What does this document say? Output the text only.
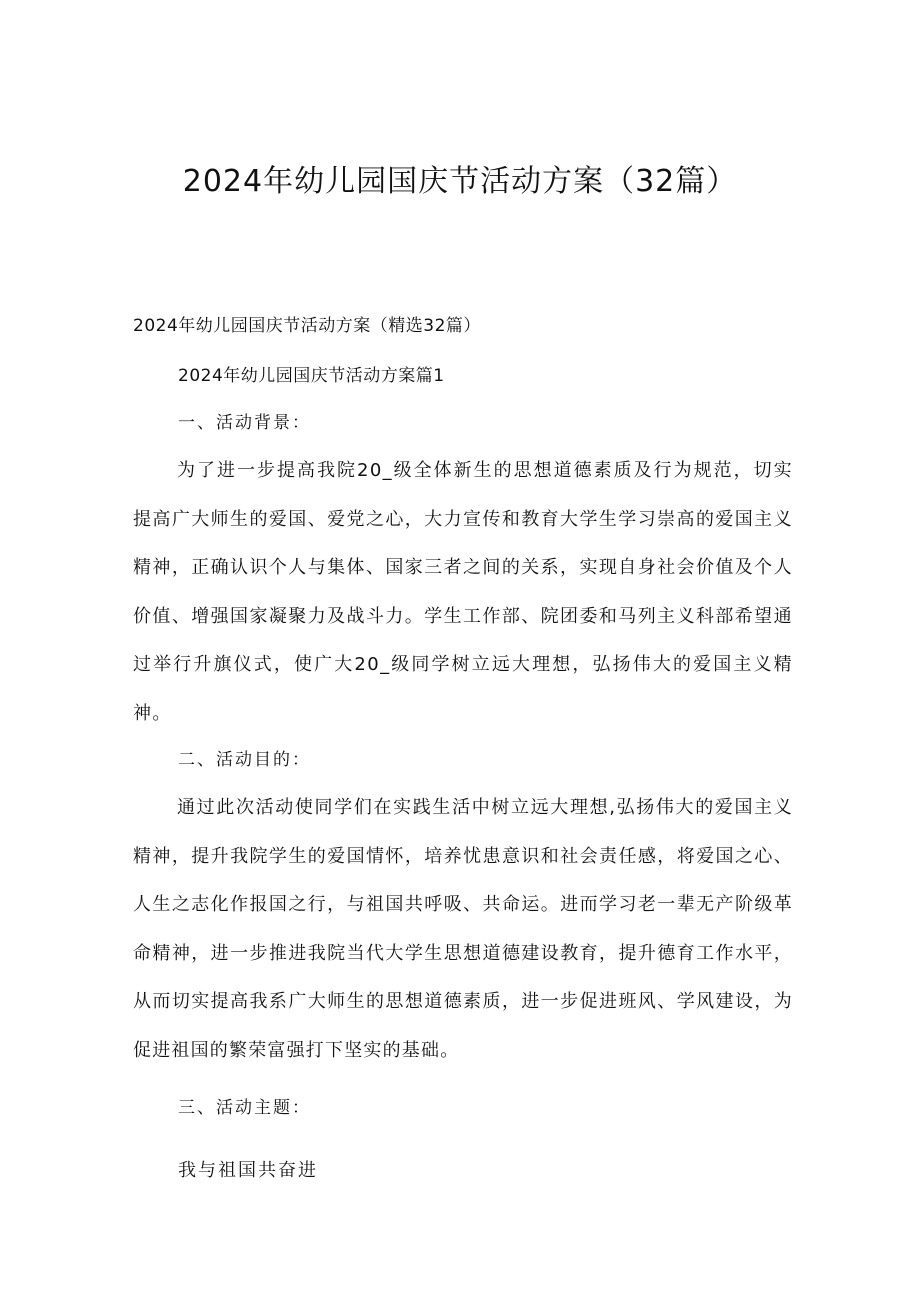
2024年幼儿园国庆节活动方案（32篇）
2024年幼儿园国庆节活动方案（精选32篇）
2024年幼儿园国庆节活动方案篇1
一、活动背景：

为了进一步提高我院20_级全体新生的思想道德素质及行为规范，切实提高广大师生的爱国、爱党之心，大力宣传和教育大学生学习崇高的爱国主义精神，正确认识个人与集体、国家三者之间的关系，实现自身社会价值及个人价值、增强国家凝聚力及战斗力。学生工作部、院团委和马列主义科部希望通过举行升旗仪式，使广大20_级同学树立远大理想，弘扬伟大的爱国主义精神。

二、活动目的：

通过此次活动使同学们在实践生活中树立远大理想,弘扬伟大的爱国主义精神，提升我院学生的爱国情怀，培养忧患意识和社会责任感，将爱国之心、人生之志化作报国之行，与祖国共呼吸、共命运。进而学习老一辈无产阶级革命精神，进一步推进我院当代大学生思想道德建设教育，提升德育工作水平，从而切实提高我系广大师生的思想道德素质，进一步促进班风、学风建设，为促进祖国的繁荣富强打下坚实的基础。

三、活动主题：
我与祖国共奋进
